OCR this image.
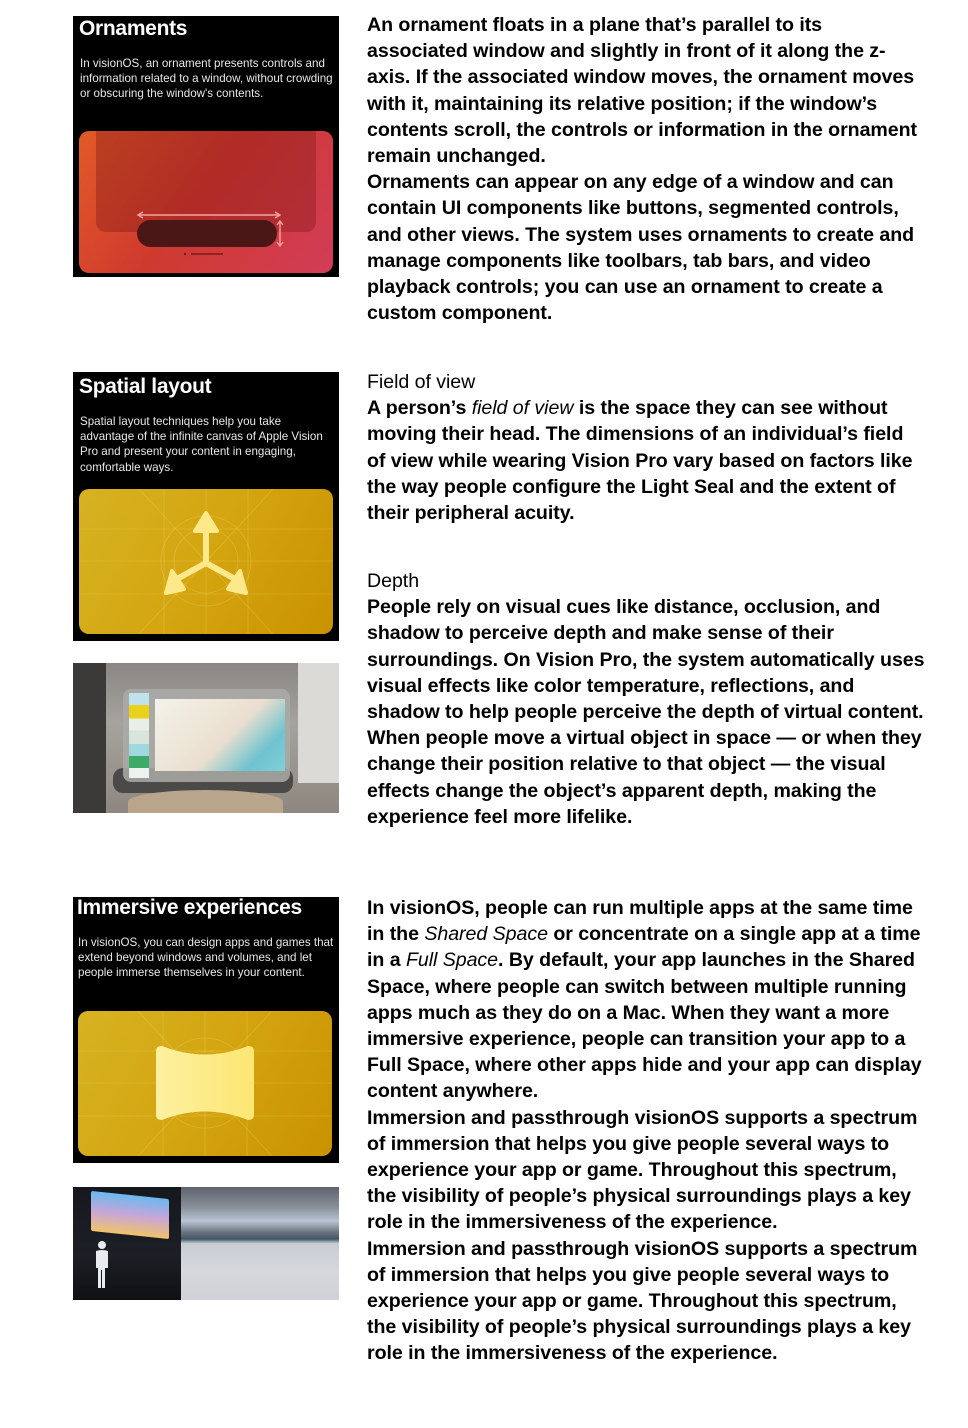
Ornaments
In visionOS, an ornament presents controls and information related to a window, without crowding or obscuring the window's contents.

An ornament floats in a plane that’s parallel to its associated window and slightly in front of it along the z-axis. If the associated window moves, the ornament moves with it, maintaining its relative position; if the window’s contents scroll, the controls or information in the ornament remain unchanged.

Ornaments can appear on any edge of a window and can contain UI components like buttons, segmented controls, and other views. The system uses ornaments to create and manage components like toolbars, tab bars, and video playback controls; you can use an ornament to create a custom component.

Spatial layout
Spatial layout techniques help you take advantage of the infinite canvas of Apple Vision Pro and present your content in engaging, comfortable ways.

Field of view

A person’s field of view is the space they can see without moving their head. The dimensions of an individual’s field of view while wearing Vision Pro vary based on factors like the way people configure the Light Seal and the extent of their peripheral acuity.

Depth

People rely on visual cues like distance, occlusion, and shadow to perceive depth and make sense of their surroundings. On Vision Pro, the system automatically uses visual effects like color temperature, reflections, and shadow to help people perceive the depth of virtual content. When people move a virtual object in space — or when they change their position relative to that object — the visual effects change the object’s apparent depth, making the experience feel more lifelike.

Immersive experiences
In visionOS, you can design apps and games that extend beyond windows and volumes, and let people immerse themselves in your content.

In visionOS, people can run multiple apps at the same time in the Shared Space or concentrate on a single app at a time in a Full Space. By default, your app launches in the Shared Space, where people can switch between multiple running apps much as they do on a Mac. When they want a more immersive experience, people can transition your app to a Full Space, where other apps hide and your app can display content anywhere.

Immersion and passthrough visionOS supports a spectrum of immersion that helps you give people several ways to experience your app or game. Throughout this spectrum, the visibility of people’s physical surroundings plays a key role in the immersiveness of the experience.

Immersion and passthrough visionOS supports a spectrum of immersion that helps you give people several ways to experience your app or game. Throughout this spectrum, the visibility of people’s physical surroundings plays a key role in the immersiveness of the experience.
